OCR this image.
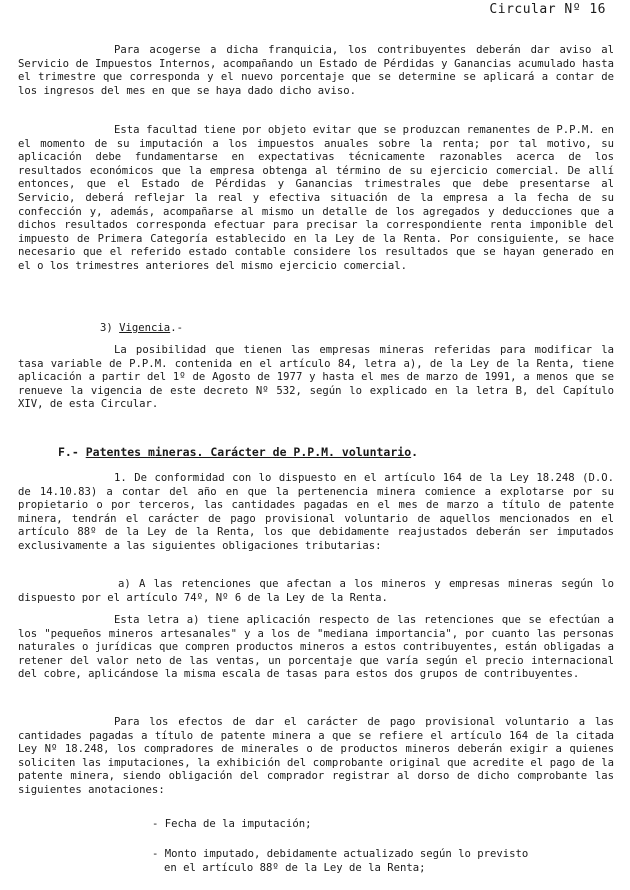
Circular Nº 16

Para acogerse a dicha franquicia, los contribuyentes deberán dar aviso al Servicio de Impuestos Internos, acompañando un Estado de Pérdidas y Ganancias acumulado hasta el trimestre que corresponda y el nuevo porcentaje que se determine se aplicará a contar de los ingresos del mes en que se haya dado dicho aviso.

Esta facultad tiene por objeto evitar que se produzcan remanentes de P.P.M. en el momento de su imputación a los impuestos anuales sobre la renta; por tal motivo, su aplicación debe fundamentarse en expectativas técnicamente razonables acerca de los resultados económicos que la empresa obtenga al término de su ejercicio comercial. De allí entonces, que el Estado de Pérdidas y Ganancias trimestrales que debe presentarse al Servicio, deberá reflejar la real y efectiva situación de la empresa a la fecha de su confección y, además, acompañarse al mismo un detalle de los agregados y deducciones que a dichos resultados corresponda efectuar para precisar la correspondiente renta imponible del impuesto de Primera Categoría establecido en la Ley de la Renta. Por consiguiente, se hace necesario que el referido estado contable considere los resultados que se hayan generado en el o los trimestres anteriores del mismo ejercicio comercial.

3) Vigencia.-

La posibilidad que tienen las empresas mineras referidas para modificar la tasa variable de P.P.M. contenida en el artículo 84, letra a), de la Ley de la Renta, tiene aplicación a partir del 1º de Agosto de 1977 y hasta el mes de marzo de 1991, a menos que se renueve la vigencia de este decreto Nº 532, según lo explicado en la letra B, del Capítulo XIV, de esta Circular.

F.- Patentes mineras. Carácter de P.P.M. voluntario.

1. De conformidad con lo dispuesto en el artículo 164 de la Ley 18.248 (D.O. de 14.10.83) a contar del año en que la pertenencia minera comience a explotarse por su propietario o por terceros, las cantidades pagadas en el mes de marzo a título de patente minera, tendrán el carácter de pago provisional voluntario de aquellos mencionados en el artículo 88º de la Ley de la Renta, los que debidamente reajustados deberán ser imputados exclusivamente a las siguientes obligaciones tributarias:

a) A las retenciones que afectan a los mineros y empresas mineras según lo dispuesto por el artículo 74º, Nº 6 de la Ley de la Renta.

Esta letra a) tiene aplicación respecto de las retenciones que se efectúan a los "pequeños mineros artesanales" y a los de "mediana importancia", por cuanto las personas naturales o jurídicas que compren productos mineros a estos contribuyentes, están obligadas a retener del valor neto de las ventas, un porcentaje que varía según el precio internacional del cobre, aplicándose la misma escala de tasas para estos dos grupos de contribuyentes.

Para los efectos de dar el carácter de pago provisional voluntario a las cantidades pagadas a título de patente minera a que se refiere el artículo 164 de la citada Ley Nº 18.248, los compradores de minerales o de productos mineros deberán exigir a quienes soliciten las imputaciones, la exhibición del comprobante original que acredite el pago de la patente minera, siendo obligación del comprador registrar al dorso de dicho comprobante las siguientes anotaciones:

- Fecha de la imputación;

- Monto imputado, debidamente actualizado según lo previsto

en el artículo 88º de la Ley de la Renta;
